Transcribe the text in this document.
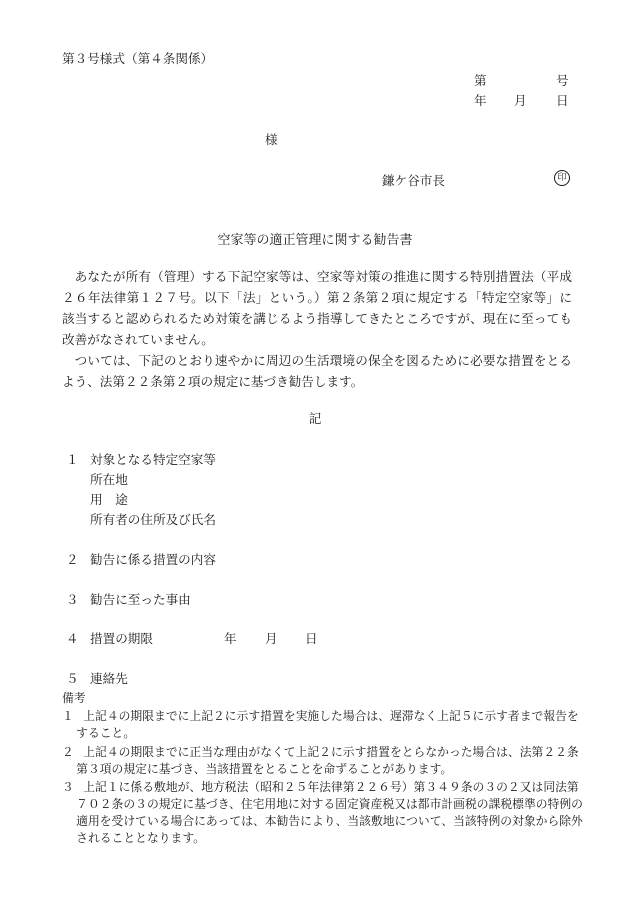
第３号様式（第４条関係）
第	号
年 月 日
様
鎌ケ谷市長	印
空家等の適正管理に関する勧告書
あなたが所有（管理）する下記空家等は、空家等対策の推進に関する特別措置法（平成２６年法律第１２７号。以下「法」という。）第２条第２項に規定する「特定空家等」に該当すると認められるため対策を講じるよう指導してきたところですが、現在に至っても改善がなされていません。
ついては、下記のとおり速やかに周辺の生活環境の保全を図るために必要な措置をとるよう、法第２２条第２項の規定に基づき勧告します。
記
１ 対象となる特定空家等
所在地
用　途
所有者の住所及び氏名
２ 勧告に係る措置の内容
３ 勧告に至った事由
４ 措置の期限	年 月 日
５ 連絡先
備考
１ 上記４の期限までに上記２に示す措置を実施した場合は、遅滞なく上記５に示す者まで報告をすること。
２ 上記４の期限までに正当な理由がなくて上記２に示す措置をとらなかった場合は、法第２２条第３項の規定に基づき、当該措置をとることを命ずることがあります。
３ 上記１に係る敷地が、地方税法（昭和２５年法律第２２６号）第３４９条の３の２又は同法第７０２条の３の規定に基づき、住宅用地に対する固定資産税又は都市計画税の課税標準の特例の適用を受けている場合にあっては、本勧告により、当該敷地について、当該特例の対象から除外されることとなります。
